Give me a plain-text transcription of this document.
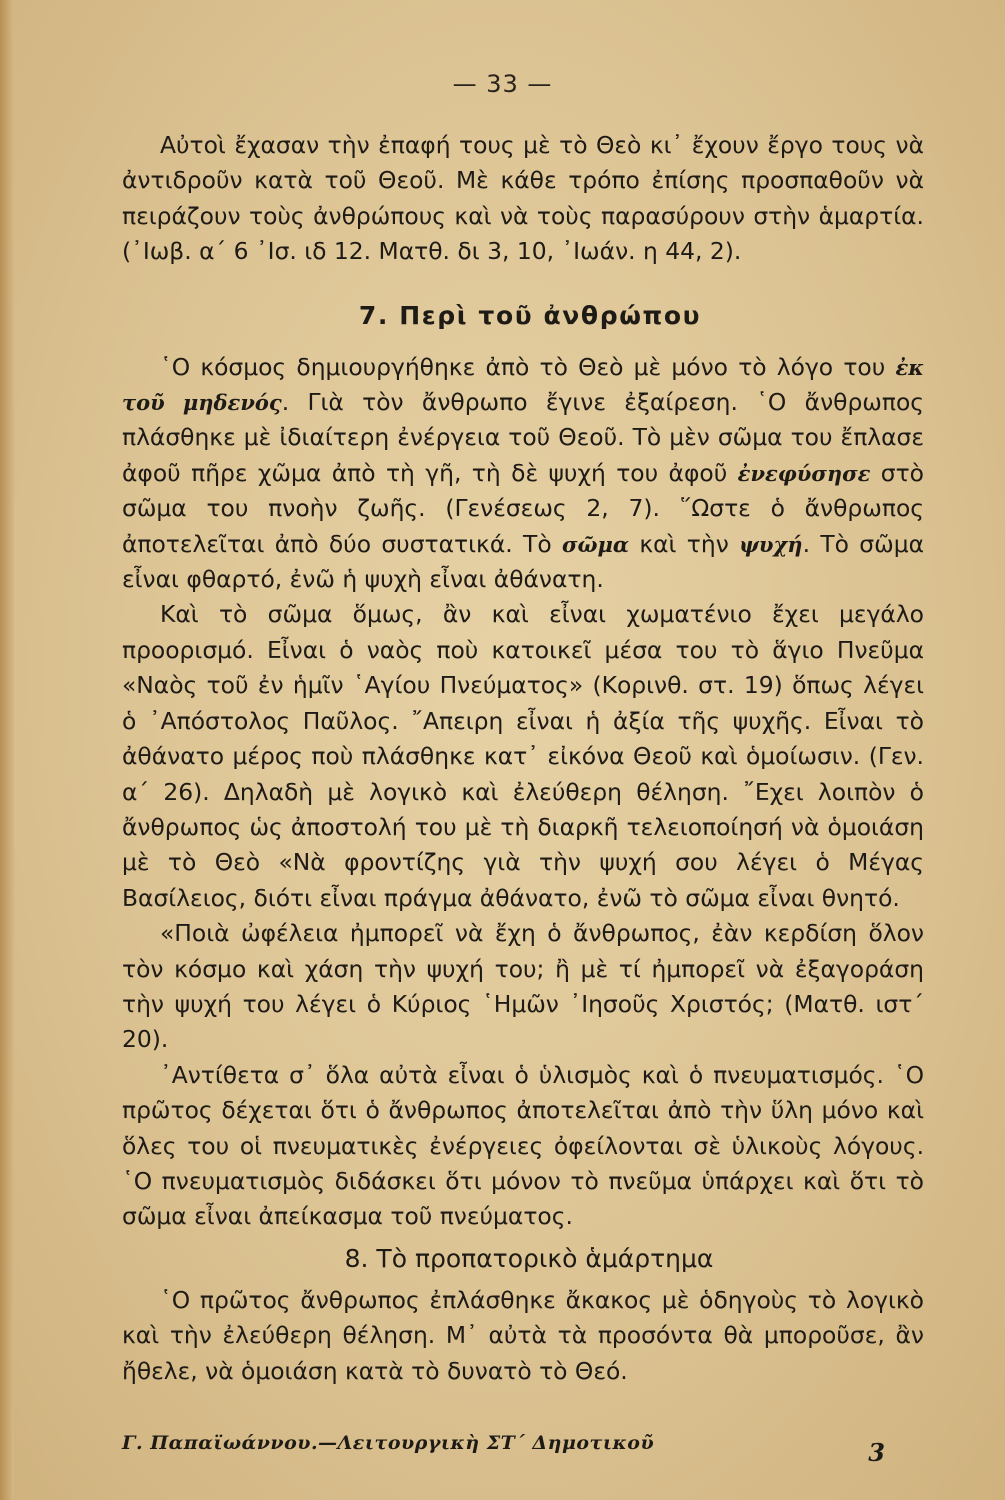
— 33 —

Αὐτοὶ ἔχασαν τὴν ἐπαφή τους μὲ τὸ Θεὸ κι᾿ ἔχουν ἔργο τους νὰ ἀντιδροῦν κατὰ τοῦ Θεοῦ. Μὲ κάθε τρόπο ἐπίσης προσπαθοῦν νὰ πειράζουν τοὺς ἀνθρώπους καὶ νὰ τοὺς παρασύρουν στὴν ἁμαρτία. (᾿Ιωβ. α΄ 6 ᾿Ισ. ιδ 12. Ματθ. δι 3, 10, ᾿Ιωάν. η 44, 2).

7. Περὶ τοῦ ἀνθρώπου

῾Ο κόσμος δημιουργήθηκε ἀπὸ τὸ Θεὸ μὲ μόνο τὸ λόγο του ἐκ τοῦ μηδενός. Γιὰ τὸν ἄνθρωπο ἔγινε ἐξαίρεση. ῾Ο ἄνθρωπος πλάσθηκε μὲ ἰδιαίτερη ἐνέργεια τοῦ Θεοῦ. Τὸ μὲν σῶμα του ἔπλασε ἀφοῦ πῆρε χῶμα ἀπὸ τὴ γῆ, τὴ δὲ ψυχή του ἀφοῦ ἐνεφύσησε στὸ σῶμα του πνοὴν ζωῆς. (Γενέσεως 2, 7). ῞Ωστε ὁ ἄνθρωπος ἀποτελεῖται ἀπὸ δύο συστατικά. Τὸ σῶμα καὶ τὴν ψυχή. Τὸ σῶμα εἶναι φθαρτό, ἐνῶ ἡ ψυχὴ εἶναι ἀθάνατη.

Καὶ τὸ σῶμα ὅμως, ἂν καὶ εἶναι χωματένιο ἔχει μεγάλο προορισμό. Εἶναι ὁ ναὸς ποὺ κατοικεῖ μέσα του τὸ ἅγιο Πνεῦμα «Ναὸς τοῦ ἐν ἡμῖν ῾Αγίου Πνεύματος» (Κορινθ. στ. 19) ὅπως λέγει ὁ ᾿Απόστολος Παῦλος. ῎Απειρη εἶναι ἡ ἀξία τῆς ψυχῆς. Εἶναι τὸ ἀθάνατο μέρος ποὺ πλάσθηκε κατ᾿ εἰκόνα Θεοῦ καὶ ὁμοίωσιν. (Γεν. α΄ 26). Δηλαδὴ μὲ λογικὸ καὶ ἐλεύθερη θέληση. ῎Εχει λοιπὸν ὁ ἄνθρωπος ὡς ἀποστολή του μὲ τὴ διαρκῆ τελειοποίησή νὰ ὁμοιάση μὲ τὸ Θεὸ «Νὰ φροντίζης γιὰ τὴν ψυχή σου λέγει ὁ Μέγας Βασίλειος, διότι εἶναι πράγμα ἀθάνατο, ἐνῶ τὸ σῶμα εἶναι θνητό.

«Ποιὰ ὠφέλεια ἠμπορεῖ νὰ ἔχη ὁ ἄνθρωπος, ἐὰν κερδίση ὅλον τὸν κόσμο καὶ χάση τὴν ψυχή του; ἢ μὲ τί ἠμπορεῖ νὰ ἐξαγοράση τὴν ψυχή του λέγει ὁ Κύριος ῾Ημῶν ᾿Ιησοῦς Χριστός; (Ματθ. ιστ΄ 20).

᾿Αντίθετα σ᾿ ὅλα αὐτὰ εἶναι ὁ ὑλισμὸς καὶ ὁ πνευματισμός. ῾Ο πρῶτος δέχεται ὅτι ὁ ἄνθρωπος ἀποτελεῖται ἀπὸ τὴν ὕλη μόνο καὶ ὅλες του οἱ πνευματικὲς ἐνέργειες ὀφείλονται σὲ ὑλικοὺς λόγους. ῾Ο πνευματισμὸς διδάσκει ὅτι μόνον τὸ πνεῦμα ὑπάρχει καὶ ὅτι τὸ σῶμα εἶναι ἀπείκασμα τοῦ πνεύματος.

8. Τὸ προπατορικὸ ἁμάρτημα

῾Ο πρῶτος ἄνθρωπος ἐπλάσθηκε ἄκακος μὲ ὁδηγοὺς τὸ λογικὸ καὶ τὴν ἐλεύθερη θέληση. Μ᾿ αὐτὰ τὰ προσόντα θὰ μποροῦσε, ἂν ἤθελε, νὰ ὁμοιάση κατὰ τὸ δυνατὸ τὸ Θεό.

Γ. Παπαϊωάννου.—Λειτουργικὴ ΣΤ΄ Δημοτικοῦ	3
